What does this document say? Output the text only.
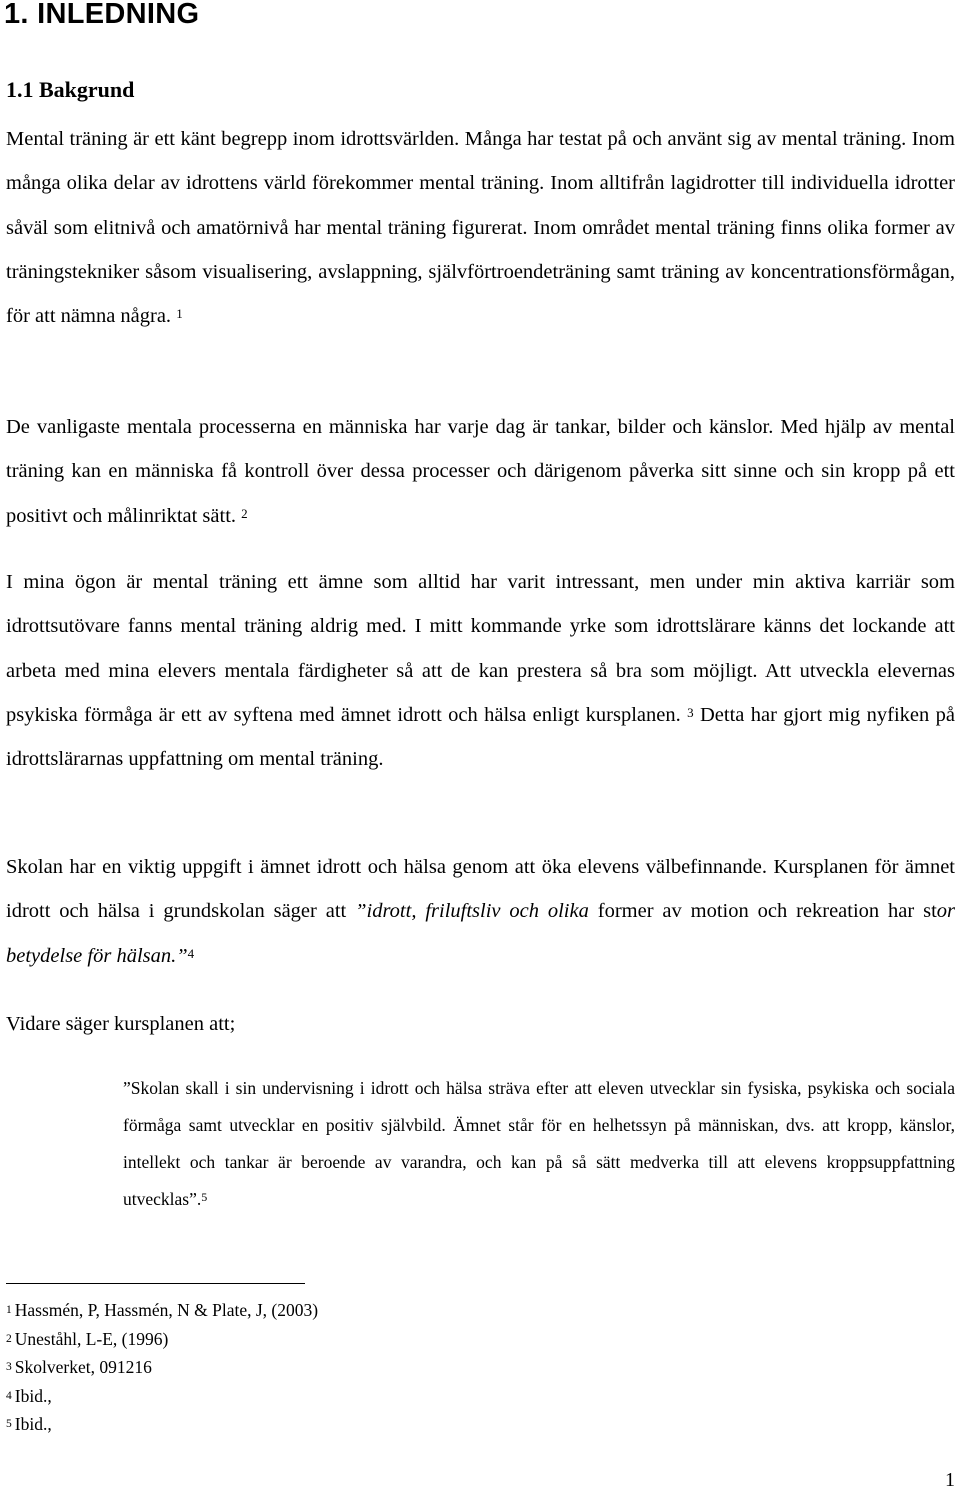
1. INLEDNING
1.1 Bakgrund

Mental träning är ett känt begrepp inom idrottsvärlden. Många har testat på och använt sig av mental träning. Inom många olika delar av idrottens värld förekommer mental träning. Inom alltifrån lagidrotter till individuella idrotter såväl som elitnivå och amatörnivå har mental träning figurerat. Inom området mental träning finns olika former av träningstekniker såsom visualisering, avslappning, självförtroendeträning samt träning av koncentrationsförmågan, för att nämna några. $^1$

De vanligaste mentala processerna en människa har varje dag är tankar, bilder och känslor. Med hjälp av mental träning kan en människa få kontroll över dessa processer och därigenom påverka sitt sinne och sin kropp på ett positivt och målinriktat sätt. $^2$

I mina ögon är mental träning ett ämne som alltid har varit intressant, men under min aktiva karriär som idrottsutövare fanns mental träning aldrig med. I mitt kommande yrke som idrottslärare känns det lockande att arbeta med mina elevers mentala färdigheter så att de kan prestera så bra som möjligt. Att utveckla elevernas psykiska förmåga är ett av syftena med ämnet idrott och hälsa enligt kursplanen. $^3$ Detta har gjort mig nyfiken på idrottslärarnas uppfattning om mental träning.

Skolan har en viktig uppgift i ämnet idrott och hälsa genom att öka elevens välbefinnande. Kursplanen för ämnet idrott och hälsa i grundskolan säger att ”idrott, friluftsliv och olika former av motion och rekreation har stor betydelse för hälsan.”$^4$

Vidare säger kursplanen att;

”Skolan skall i sin undervisning i idrott och hälsa sträva efter att eleven utvecklar sin fysiska, psykiska och sociala förmåga samt utvecklar en positiv självbild. Ämnet står för en helhetssyn på människan, dvs. att kropp, känslor, intellekt och tankar är beroende av varandra, och kan på så sätt medverka till att elevens kroppsuppfattning utvecklas”.$^5$
$^1$ Hassmén, P, Hassmén, N & Plate, J, (2003)
$^2$ Uneståhl, L-E, (1996)
$^3$ Skolverket, 091216
$^4$ Ibid.,
$^5$ Ibid.,
1
